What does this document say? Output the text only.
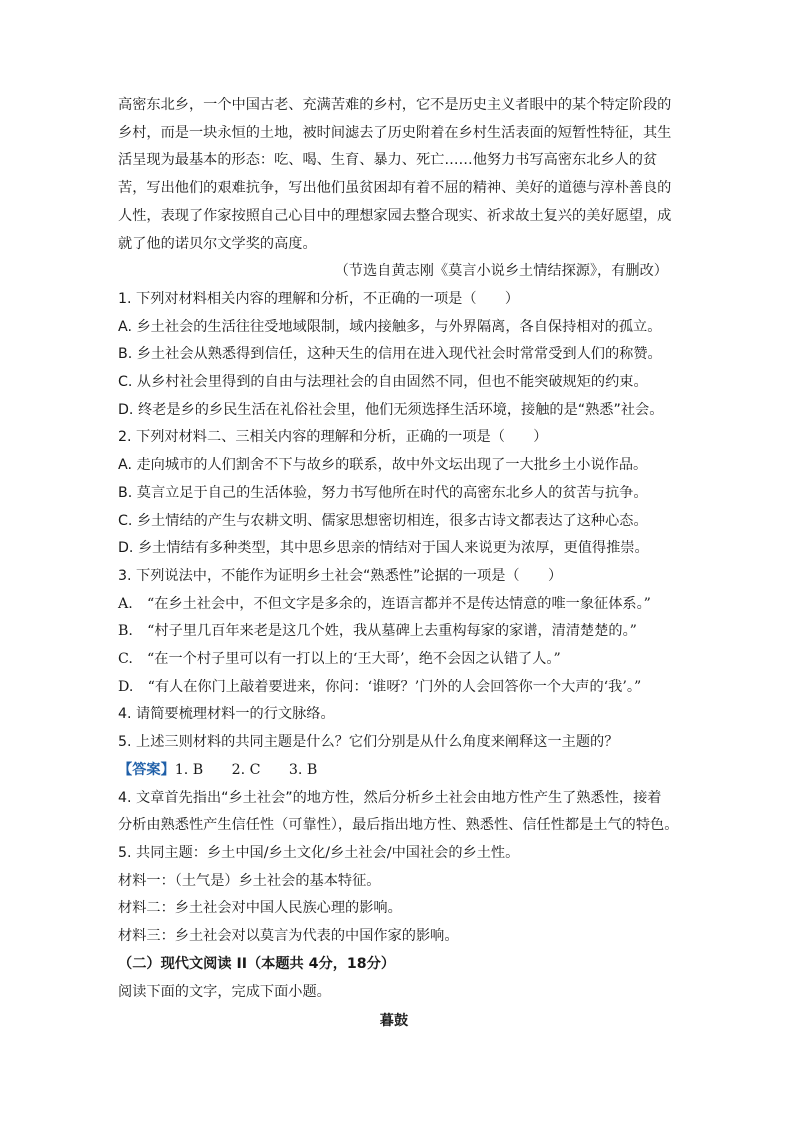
高密东北乡，一个中国古老、充满苦难的乡村，它不是历史主义者眼中的某个特定阶段的

乡村，而是一块永恒的土地，被时间滤去了历史附着在乡村生活表面的短暂性特征，其生

活呈现为最基本的形态：吃、喝、生育、暴力、死亡……他努力书写高密东北乡人的贫

苦，写出他们的艰难抗争，写出他们虽贫困却有着不屈的精神、美好的道德与淳朴善良的

人性，表现了作家按照自己心目中的理想家园去整合现实、祈求故土复兴的美好愿望，成

就了他的诺贝尔文学奖的高度。

（节选自黄志刚《莫言小说乡土情结探源》，有删改）

1. 下列对材料相关内容的理解和分析，不正确的一项是（　　）

A. 乡土社会的生活往往受地域限制，域内接触多，与外界隔离，各自保持相对的孤立。

B. 乡土社会从熟悉得到信任，这种天生的信用在进入现代社会时常常受到人们的称赞。

C. 从乡村社会里得到的自由与法理社会的自由固然不同，但也不能突破规矩的约束。

D. 终老是乡的乡民生活在礼俗社会里，他们无须选择生活环境，接触的是“熟悉”社会。

2. 下列对材料二、三相关内容的理解和分析，正确的一项是（　　）

A. 走向城市的人们割舍不下与故乡的联系，故中外文坛出现了一大批乡土小说作品。

B. 莫言立足于自己的生活体验，努力书写他所在时代的高密东北乡人的贫苦与抗争。

C. 乡土情结的产生与农耕文明、儒家思想密切相连，很多古诗文都表达了这种心态。

D. 乡土情结有多种类型，其中思乡思亲的情结对于国人来说更为浓厚，更值得推崇。

3. 下列说法中，不能作为证明乡土社会“熟悉性”论据的一项是（　　）

A.　“在乡土社会中，不但文字是多余的，连语言都并不是传达情意的唯一象征体系。”

B.　“村子里几百年来老是这几个姓，我从墓碑上去重构每家的家谱，清清楚楚的。”

C.　“在一个村子里可以有一打以上的‘王大哥’，绝不会因之认错了人。”

D.　“有人在你门上敲着要进来，你问：‘谁呀？’门外的人会回答你一个大声的‘我’。”

4. 请简要梳理材料一的行文脉络。

5. 上述三则材料的共同主题是什么？它们分别是从什么角度来阐释这一主题的？

【答案】1. B　　2. C　　3. B

4. 文章首先指出“乡土社会”的地方性，然后分析乡土社会由地方性产生了熟悉性，接着

分析由熟悉性产生信任性（可靠性），最后指出地方性、熟悉性、信任性都是土气的特色。

5. 共同主题：乡土中国/乡土文化/乡土社会/中国社会的乡土性。

材料一：（土气是）乡土社会的基本特征。

材料二：乡土社会对中国人民族心理的影响。

材料三：乡土社会对以莫言为代表的中国作家的影响。

（二）现代文阅读 II（本题共 4分，18分）

阅读下面的文字，完成下面小题。

暮鼓
